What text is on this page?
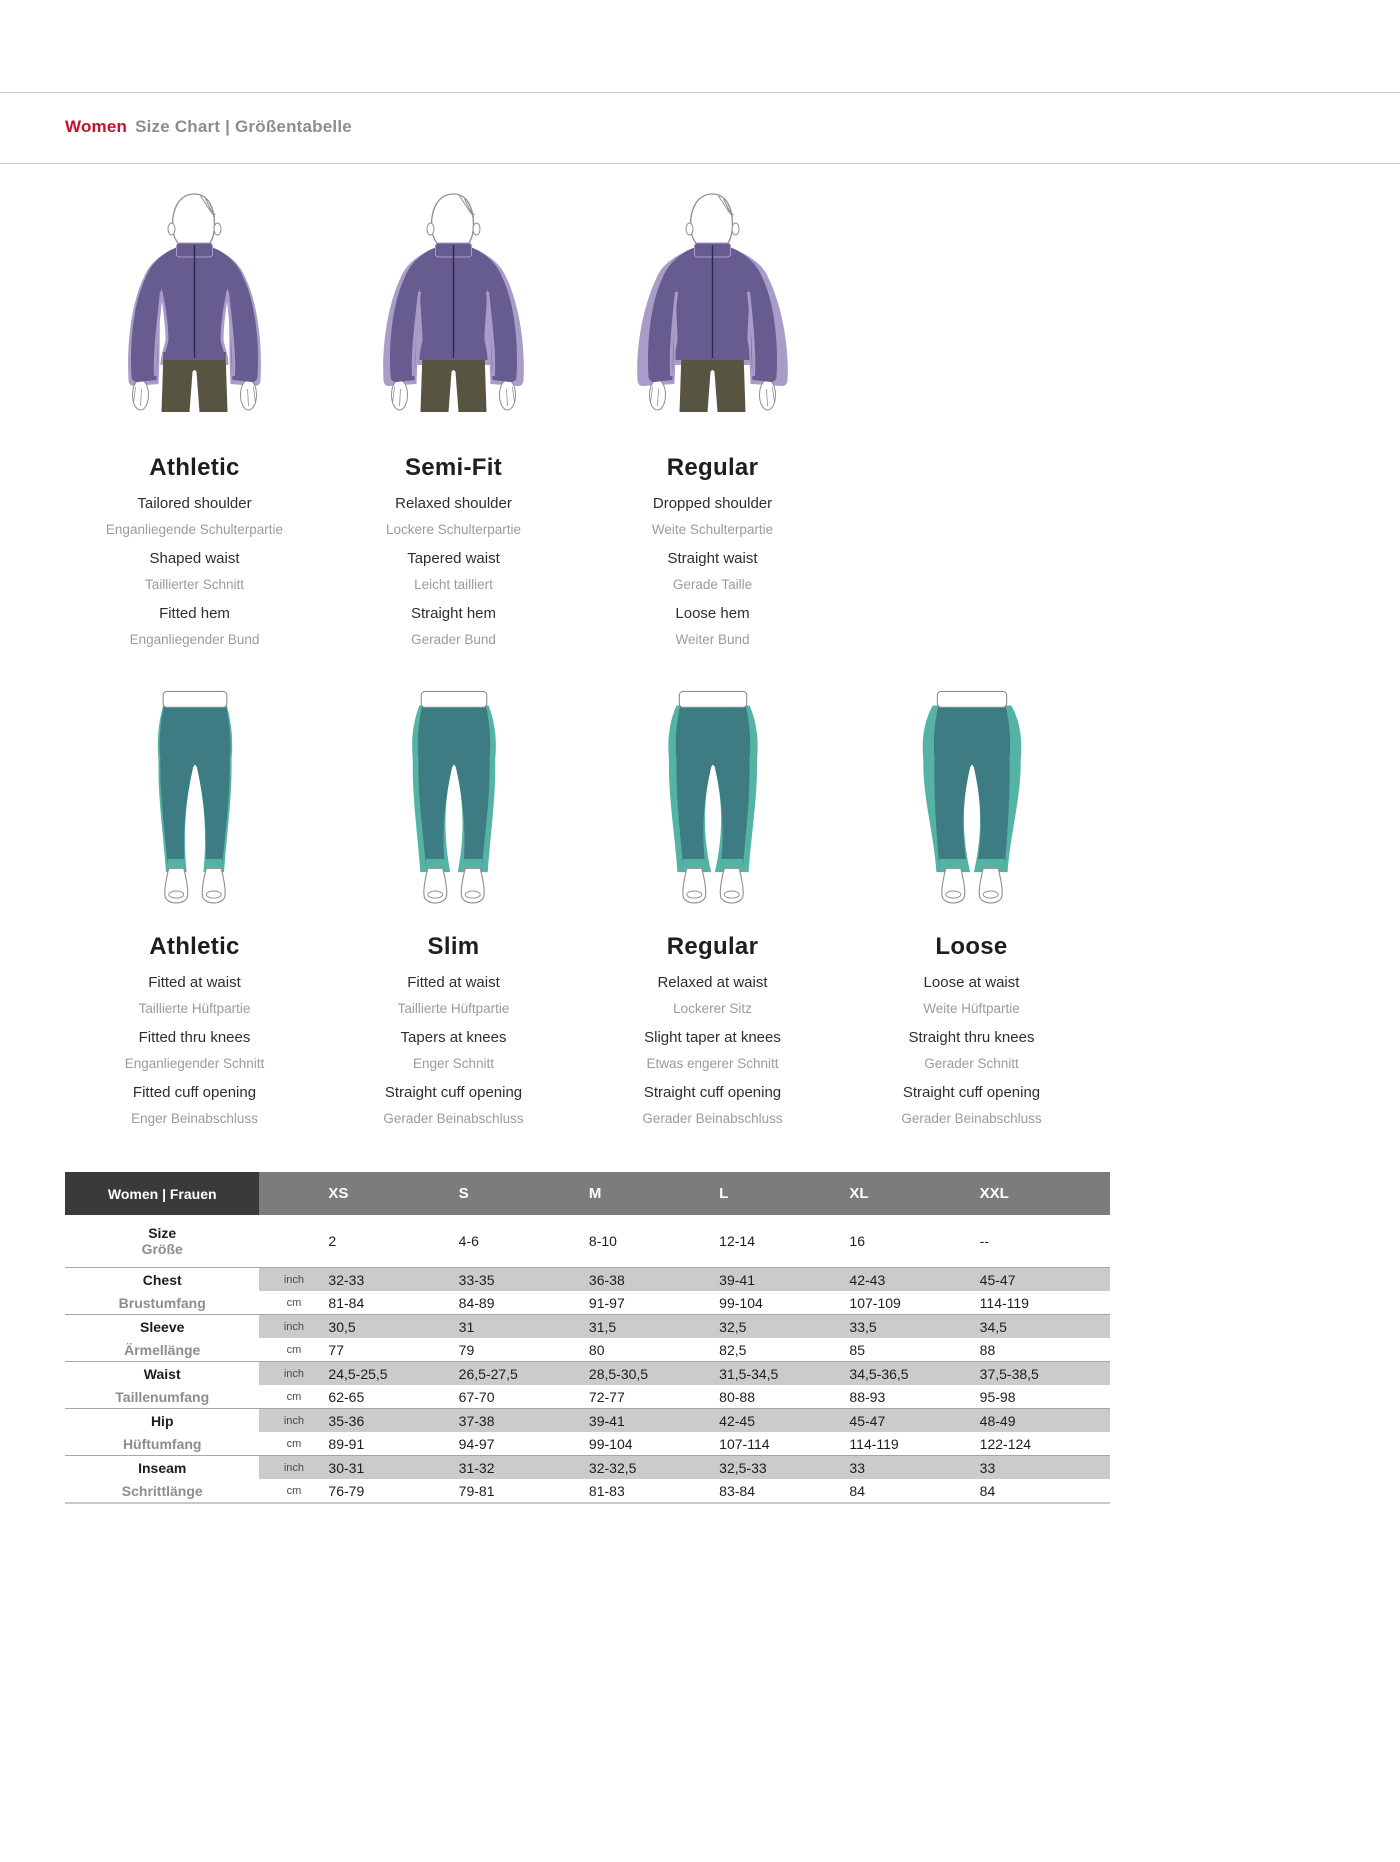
Women Size Chart | Größentabelle
Athletic

Tailored shoulder

Enganliegende Schulterpartie

Shaped waist

Taillierter Schnitt

Fitted hem

Enganliegender Bund

Semi-Fit

Relaxed shoulder

Lockere Schulterpartie

Tapered waist

Leicht tailliert

Straight hem

Gerader Bund

Regular

Dropped shoulder

Weite Schulterpartie

Straight waist

Gerade Taille

Loose hem

Weiter Bund

Athletic

Fitted at waist

Taillierte Hüftpartie

Fitted thru knees

Enganliegender Schnitt

Fitted cuff opening

Enger Beinabschluss

Slim

Fitted at waist

Taillierte Hüftpartie

Tapers at knees

Enger Schnitt

Straight cuff opening

Gerader Beinabschluss

Regular

Relaxed at waist

Lockerer Sitz

Slight taper at knees

Etwas engerer Schnitt

Straight cuff opening

Gerader Beinabschluss

Loose

Loose at waist

Weite Hüftpartie

Straight thru knees

Gerader Schnitt

Straight cuff opening

Gerader Beinabschluss

Women | Frauen		XS	S	M	L	XL	XXL

Size
Größe		2	4-6	8-10	12-14	16	--
Chest	inch	32-33	33-35	36-38	39-41	42-43	45-47
Brustumfang	cm	81-84	84-89	91-97	99-104	107-109	114-119
Sleeve	inch	30,5	31	31,5	32,5	33,5	34,5
Ärmellänge	cm	77	79	80	82,5	85	88
Waist	inch	24,5-25,5	26,5-27,5	28,5-30,5	31,5-34,5	34,5-36,5	37,5-38,5
Taillenumfang	cm	62-65	67-70	72-77	80-88	88-93	95-98
Hip	inch	35-36	37-38	39-41	42-45	45-47	48-49
Hüftumfang	cm	89-91	94-97	99-104	107-114	114-119	122-124
Inseam	inch	30-31	31-32	32-32,5	32,5-33	33	33
Schrittlänge	cm	76-79	79-81	81-83	83-84	84	84
